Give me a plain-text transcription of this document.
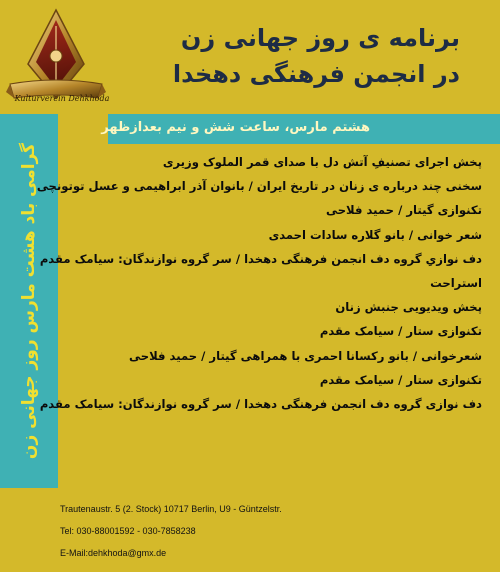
Kulturverein Dehkhoda
برنامه ی روز جهانی زن
در انجمن فرهنگی دهخدا
گرامی باد هشت مارس روز جهانی زن
هشتم مارس، ساعت شش و نیم بعدازظهر
پخش اجرای تصنیفِ آتش دل با صدای قمر الملوک وزیری
سخنی چند درباره ی زنان در تاریخ ایران / بانوان آذر ابراهیمی و عسل توتونچی
تکنوازی گیتار / حمید فلاحی
شعر خوانی / بانو گلاره سادات احمدی
دف نوازیِ گروه دف انجمن فرهنگی دهخدا / سر گروه نوازندگان: سیامک مقدم
استراحت
پخش ویدیویی جنبش زنان
تکنوازی ستار / سیامک مقدم
شعرخوانی / بانو رکسانا احمری با همراهی گیتار / حمید فلاحی
تکنوازی ستار / سیامک مقدم
دف نوازی گروه دف انجمن فرهنگی دهخدا / سر گروه نوازندگان: سیامک مقدم
Trautenaustr. 5 (2. Stock) 10717 Berlin, U9 - Güntzelstr.
Tel: 030-88001592 - 030-7858238
E-Mail:dehkhoda@gmx.de
